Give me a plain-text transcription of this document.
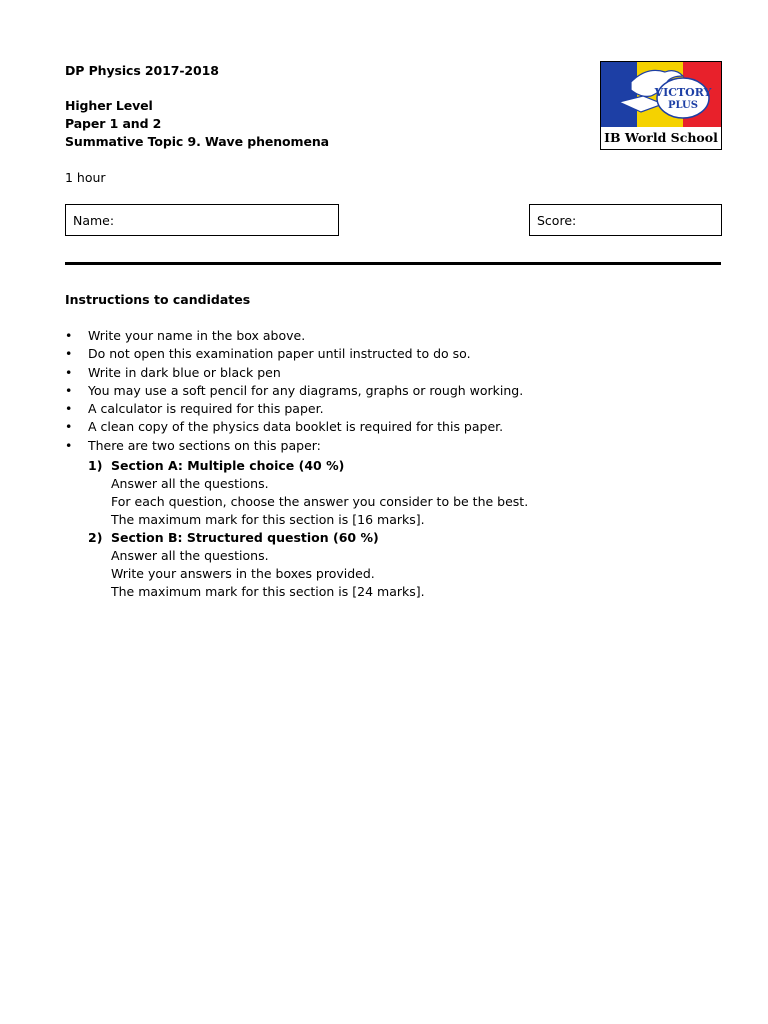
DP Physics 2017-2018
Higher Level
Paper 1 and 2
Summative Topic 9. Wave phenomena
1 hour
VICTORY
PLUS
IB World School
Name:	Score:
Instructions to candidates
• Write your name in the box above.
• Do not open this examination paper until instructed to do so.
• Write in dark blue or black pen
• You may use a soft pencil for any diagrams, graphs or rough working.
• A calculator is required for this paper.
• A clean copy of the physics data booklet is required for this paper.
• There are two sections on this paper:
1) Section A: Multiple choice (40 %)
Answer all the questions.
For each question, choose the answer you consider to be the best.
The maximum mark for this section is [16 marks].
2) Section B: Structured question (60 %)
Answer all the questions.
Write your answers in the boxes provided.
The maximum mark for this section is [24 marks].
